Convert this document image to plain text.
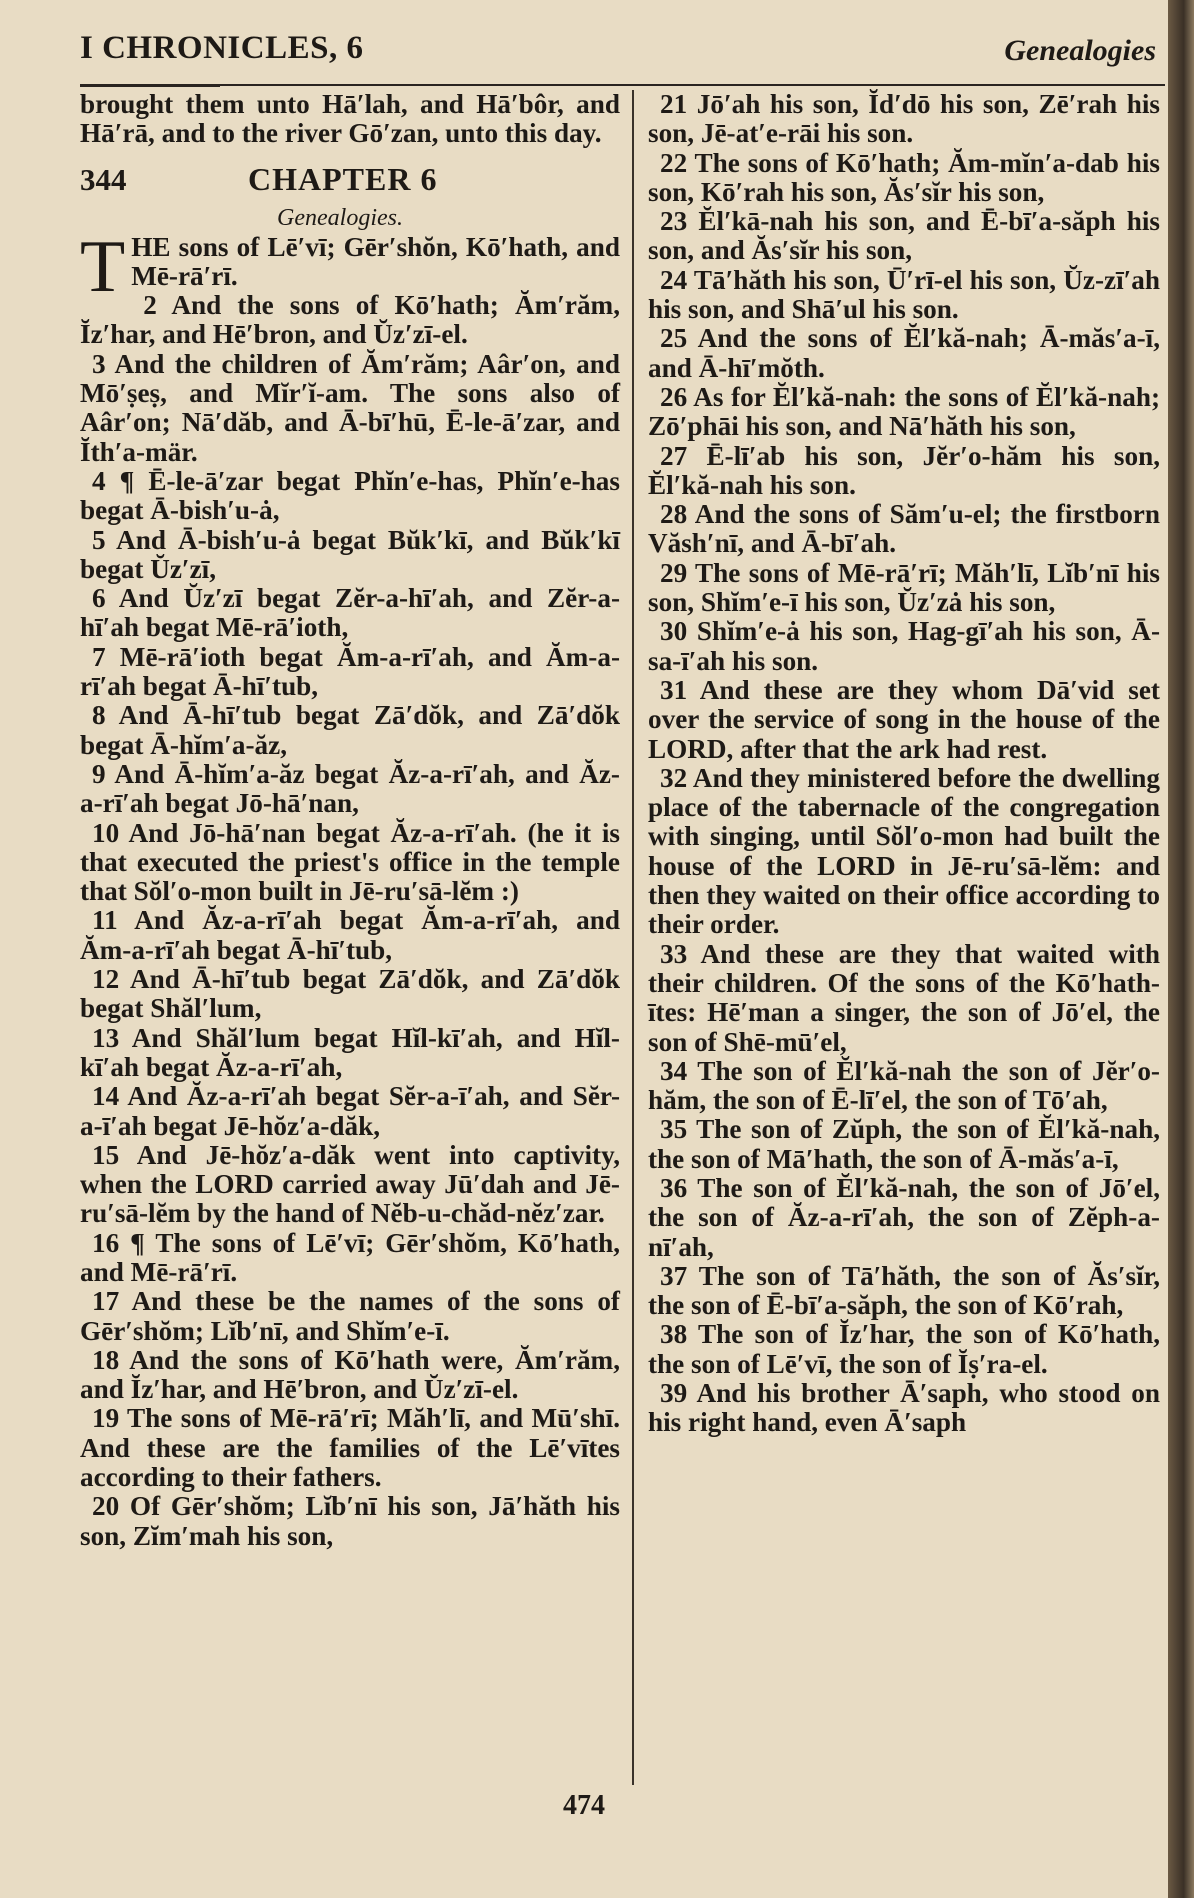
I CHRONICLES, 6	Genealogies

brought them unto Hā′lah, and Hā′bôr, and Hā′rā, and to the river Gō′zan, unto this day.

344	CHAPTER 6
Genealogies.

THE sons of Lē′vī; Gēr′shŏn, Kō′hath, and Mē-rā′rī.

2 And the sons of Kō′hath; Ăm′răm, Ĭz′har, and Hē′bron, and Ŭz′zī-el.

3 And the children of Ăm′răm; Aâr′on, and Mō′ṣeṣ, and Mĭr′ĭ-am. The sons also of Aâr′on; Nā′dăb, and Ā-bī′hū, Ē-le-ā′zar, and Ĭth′a-mär.

4 ¶ Ē-le-ā′zar begat Phĭn′e-has, Phĭn′e-has begat Ā-bish′u-ȧ,

5 And Ā-bish′u-ȧ begat Bŭk′kī, and Bŭk′kī begat Ŭz′zī,

6 And Ŭz′zī begat Zĕr-a-hī′ah, and Zĕr-a-hī′ah begat Mē-rā′ioth,

7 Mē-rā′ioth begat Ăm-a-rī′ah, and Ăm-a-rī′ah begat Ā-hī′tub,

8 And Ā-hī′tub begat Zā′dŏk, and Zā′dŏk begat Ā-hĭm′a-ăz,

9 And Ā-hĭm′a-ăz begat Ăz-a-rī′ah, and Ăz-a-rī′ah begat Jō-hā′nan,

10 And Jō-hā′nan begat Ăz-a-rī′ah. (he it is that executed the priest's office in the temple that Sŏl′o-mon built in Jē-ru′sā-lĕm :)

11 And Ăz-a-rī′ah begat Ăm-a-rī′ah, and Ăm-a-rī′ah begat Ā-hī′tub,

12 And Ā-hī′tub begat Zā′dŏk, and Zā′dŏk begat Shăl′lum,

13 And Shăl′lum begat Hĭl-kī′ah, and Hĭl-kī′ah begat Ăz-a-rī′ah,

14 And Ăz-a-rī′ah begat Sĕr-a-ī′ah, and Sĕr-a-ī′ah begat Jē-hŏz′a-dăk,

15 And Jē-hŏz′a-dăk went into captivity, when the LORD carried away Jū′dah and Jē-ru′sā-lĕm by the hand of Nĕb-u-chăd-nĕz′zar.

16 ¶ The sons of Lē′vī; Gēr′shŏm, Kō′hath, and Mē-rā′rī.

17 And these be the names of the sons of Gēr′shŏm; Lĭb′nī, and Shĭm′e-ī.

18 And the sons of Kō′hath were, Ăm′răm, and Ĭz′har, and Hē′bron, and Ŭz′zī-el.

19 The sons of Mē-rā′rī; Măh′lī, and Mū′shī. And these are the families of the Lē′vītes according to their fathers.

20 Of Gēr′shŏm; Lĭb′nī his son, Jā′hăth his son, Zĭm′mah his son,

21 Jō′ah his son, Ĭd′dō his son, Zē′rah his son, Jē-at′e-rāi his son.

22 The sons of Kō′hath; Ăm-mĭn′a-dab his son, Kō′rah his son, Ăs′sĭr his son,

23 Ĕl′kā-nah his son, and Ē-bī′a-săph his son, and Ăs′sĭr his son,

24 Tā′hăth his son, Ū′rī-el his son, Ŭz-zī′ah his son, and Shā′ul his son.

25 And the sons of Ĕl′kă-nah; Ā-măs′a-ī, and Ā-hī′mŏth.

26 As for Ĕl′kă-nah: the sons of Ĕl′kă-nah; Zō′phāi his son, and Nā′hăth his son,

27 Ē-lī′ab his son, Jĕr′o-hăm his son, Ĕl′kă-nah his son.

28 And the sons of Săm′u-el; the firstborn Văsh′nī, and Ā-bī′ah.

29 The sons of Mē-rā′rī; Măh′lī, Lĭb′nī his son, Shĭm′e-ī his son, Ŭz′zȧ his son,

30 Shĭm′e-ȧ his son, Hag-gī′ah his son, Ā-sa-ī′ah his son.

31 And these are they whom Dā′vid set over the service of song in the house of the LORD, after that the ark had rest.

32 And they ministered before the dwelling place of the tabernacle of the congregation with singing, until Sŏl′o-mon had built the house of the LORD in Jē-ru′sā-lĕm: and then they waited on their office according to their order.

33 And these are they that waited with their children. Of the sons of the Kō′hath-ītes: Hē′man a singer, the son of Jō′el, the son of Shē-mū′el,

34 The son of Ĕl′kă-nah the son of Jĕr′o-hăm, the son of Ē-lī′el, the son of Tō′ah,

35 The son of Zŭph, the son of Ĕl′kă-nah, the son of Mā′hath, the son of Ā-măs′a-ī,

36 The son of Ĕl′kă-nah, the son of Jō′el, the son of Ăz-a-rī′ah, the son of Zĕph-a-nī′ah,

37 The son of Tā′hăth, the son of Ăs′sĭr, the son of Ē-bī′a-săph, the son of Kō′rah,

38 The son of Ĭz′har, the son of Kō′hath, the son of Lē′vī, the son of Ĭṣ′ra-el.

39 And his brother Ā′saph, who stood on his right hand, even Ā′saph

474
